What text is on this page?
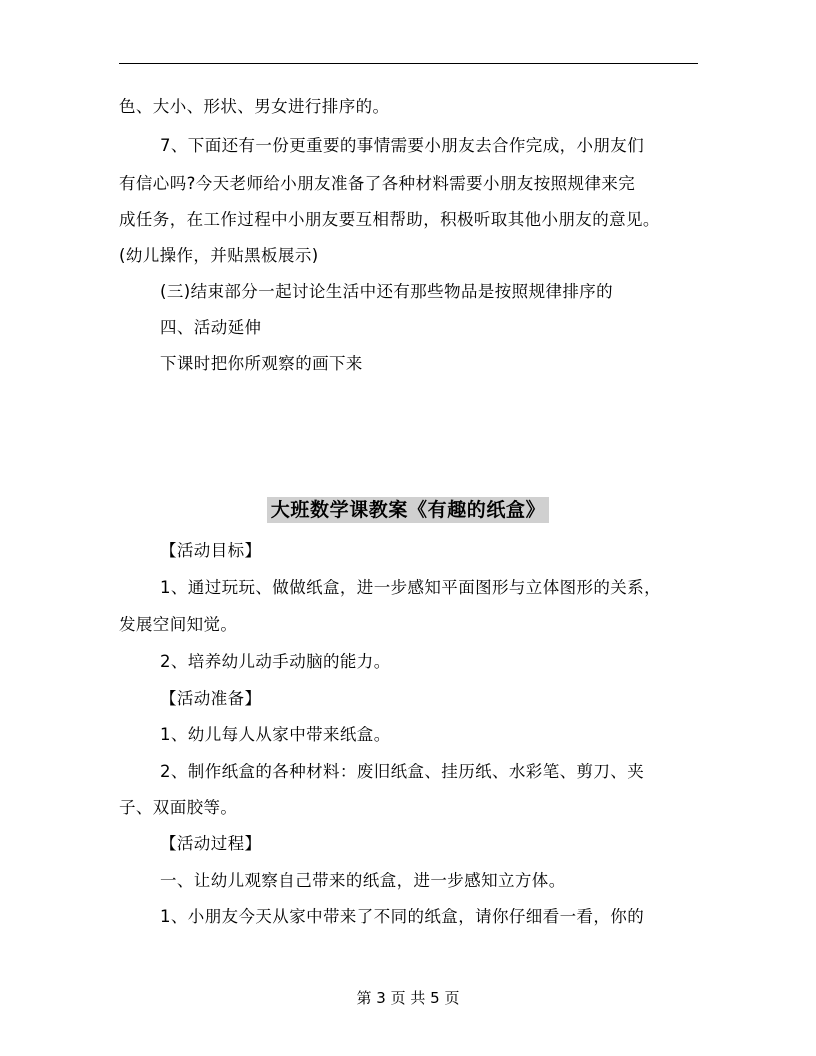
色、大小、形状、男女进行排序的。
7、下面还有一份更重要的事情需要小朋友去合作完成，小朋友们
有信心吗?今天老师给小朋友准备了各种材料需要小朋友按照规律来完
成任务，在工作过程中小朋友要互相帮助，积极听取其他小朋友的意见。
(幼儿操作，并贴黑板展示)
(三)结束部分一起讨论生活中还有那些物品是按照规律排序的
四、活动延伸
下课时把你所观察的画下来
大班数学课教案《有趣的纸盒》
【活动目标】
1、通过玩玩、做做纸盒，进一步感知平面图形与立体图形的关系，
发展空间知觉。
2、培养幼儿动手动脑的能力。
【活动准备】
1、幼儿每人从家中带来纸盒。
2、制作纸盒的各种材料：废旧纸盒、挂历纸、水彩笔、剪刀、夹
子、双面胶等。
【活动过程】
一、让幼儿观察自己带来的纸盒，进一步感知立方体。
1、小朋友今天从家中带来了不同的纸盒，请你仔细看一看，你的
第 3 页 共 5 页
